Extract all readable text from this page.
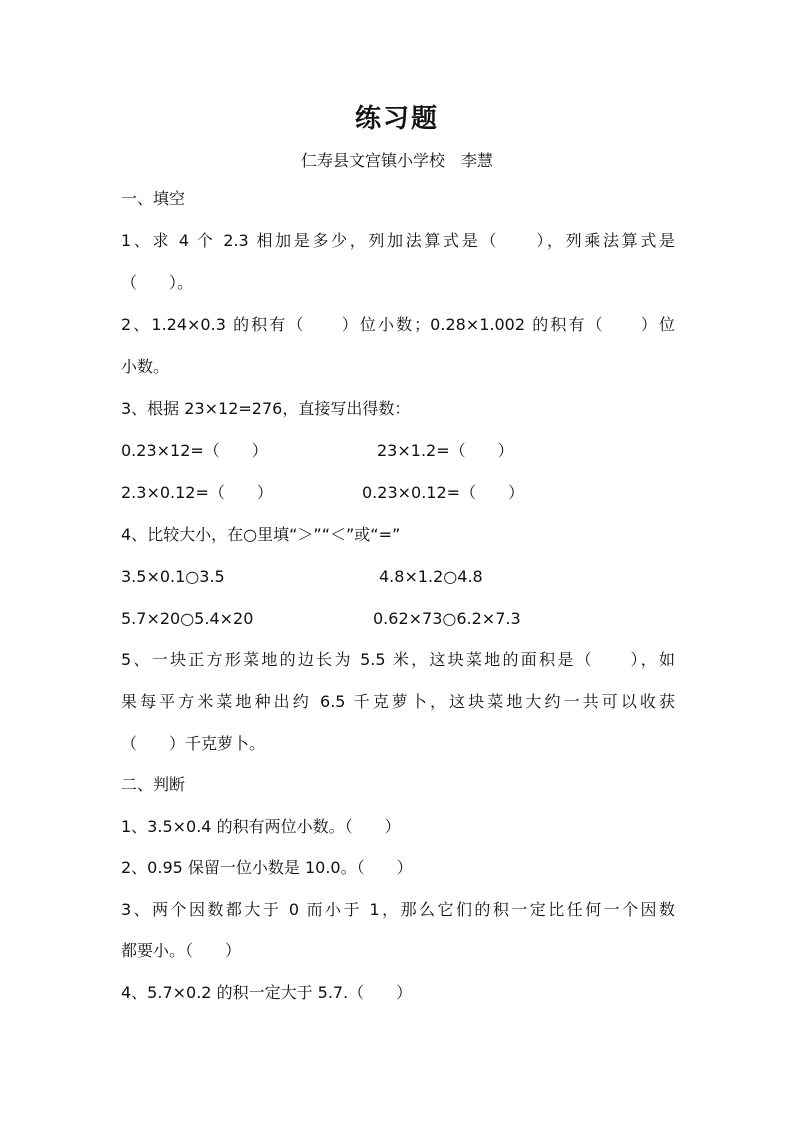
练习题
仁寿县文宫镇小学校　李慧
一、填空
1、求 4 个 2.3 相加是多少，列加法算式是（　　），列乘法算式是
（　　）。
2、1.24×0.3 的积有（　　）位小数；0.28×1.002 的积有（　　）位
小数。
3、根据 23×12=276，直接写出得数：
0.23×12=（　　）	23×1.2=（　　）
2.3×0.12=（　　）	0.23×0.12=（　　）
4、比较大小，在○里填“＞”“＜”或“=”
3.5×0.1○3.5	4.8×1.2○4.8
5.7×20○5.4×20	0.62×73○6.2×7.3
5、一块正方形菜地的边长为 5.5 米，这块菜地的面积是（　　），如
果每平方米菜地种出约 6.5 千克萝卜，这块菜地大约一共可以收获
（　　）千克萝卜。
二、判断
1、3.5×0.4 的积有两位小数。（　　）
2、0.95 保留一位小数是 10.0。（　　）
3、两个因数都大于 0 而小于 1，那么它们的积一定比任何一个因数
都要小。（　　）
4、5.7×0.2 的积一定大于 5.7.（　　）
